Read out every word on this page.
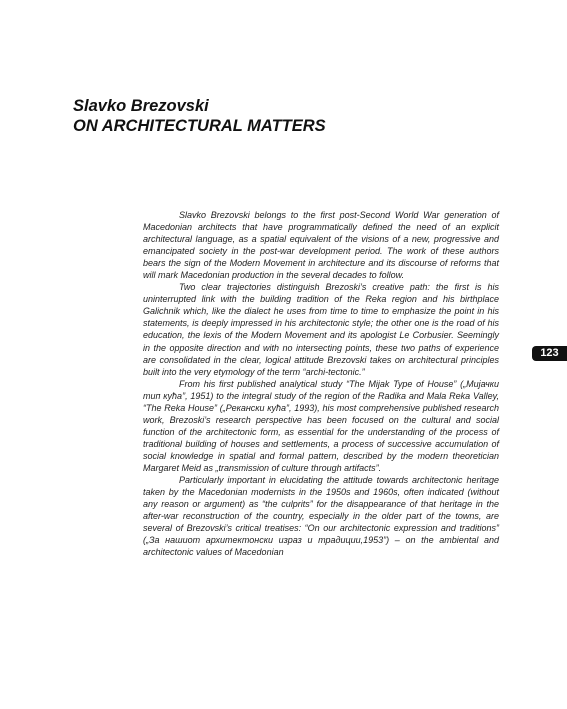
Slavko Brezovski

ON ARCHITECTURAL MATTERS

Slavko Brezovski belongs to the first post-Second World War generation of Macedonian architects that have programmatically defined the need of an explicit architectural language, as a spatial equivalent of the visions of a new, progressive and emancipated society in the post-war development period. The work of these authors bears the sign of the Modern Movement in architecture and its discourse of reforms that will mark Macedonian production in the several decades to follow.

Two clear trajectories distinguish Brezoski’s creative path: the first is his uninterrupted link with the building tradition of the Reka region and his birthplace Galichnik which, like the dialect he uses from time to time to emphasize the point in his statements, is deeply impressed in his architectonic style; the other one is the road of his education, the lexis of the Modern Movement and its apologist Le Corbusier. Seemingly in the opposite direction and with no intersecting points, these two paths of experience are consolidated in the clear, logical attitude Brezovski takes on architectural principles built into the very etymology of the term “archi-tectonic.”

From his first published analytical study “The Mijak Type of House” („Мијачки тип кућа”, 1951) to the integral study of the region of the Radika and Mala Reka Valley, “The Reka House” („Рекански кућа”, 1993), his most comprehensive published research work, Brezoski’s research perspective has been focused on the cultural and social function of the architectonic form, as essential for the understanding of the process of traditional building of houses and settlements, a process of successive accumulation of social knowledge in spatial and formal pattern, described by the modern theoretician Margaret Meid as „transmission of culture through artifacts”.

Particularly important in elucidating the attitude towards architectonic heritage taken by the Macedonian modernists in the 1950s and 1960s, often indicated (without any reason or argument) as “the culprits” for the disappearance of that heritage in the after-war reconstruction of the country, especially in the older part of the towns, are several of Brezovski’s critical treatises: “On our architectonic expression and traditions” („За нашиот архитектонски израз и традиции,1953”) – on the ambiental and architectonic values of Macedonian

123
